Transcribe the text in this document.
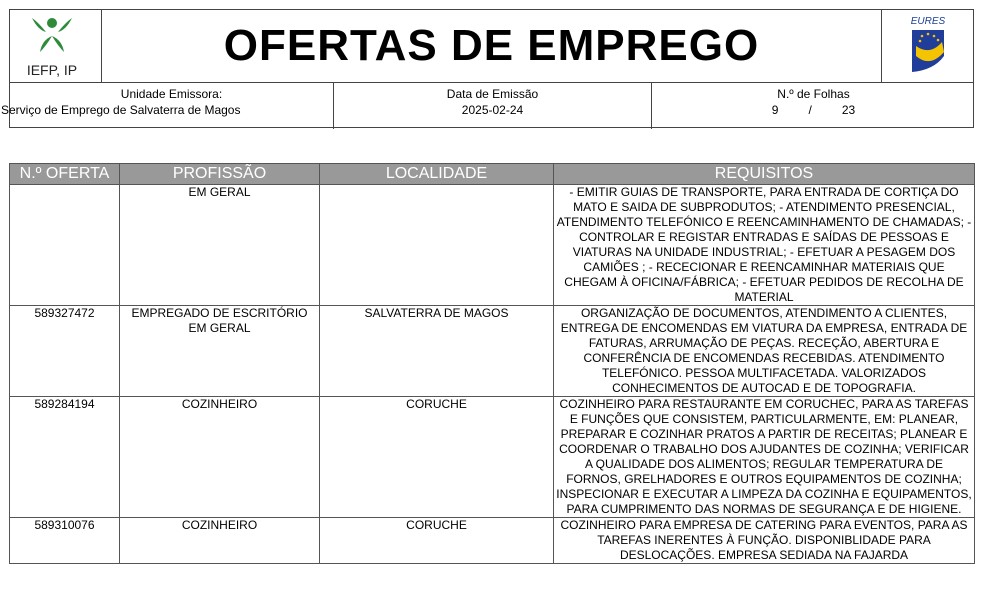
IEFP, IP	OFERTAS DE EMPREGO	EURES
Unidade Emissora:
Serviço de Emprego de Salvaterra de Magos
Data de Emissão
2025-02-24
N.º de Folhas
9	/	23
N.º OFERTA	PROFISSÃO	LOCALIDADE	REQUISITOS
	EM GERAL		- EMITIR GUIAS DE TRANSPORTE, PARA ENTRADA DE CORTIÇA DO MATO E SAIDA DE SUBPRODUTOS; - ATENDIMENTO PRESENCIAL, ATENDIMENTO TELEFÓNICO E REENCAMINHAMENTO DE CHAMADAS; - CONTROLAR E REGISTAR ENTRADAS E SAÍDAS DE PESSOAS E VIATURAS NA UNIDADE INDUSTRIAL; - EFETUAR A PESAGEM DOS CAMIÕES ; - RECECIONAR E REENCAMINHAR MATERIAIS QUE CHEGAM À OFICINA/FÁBRICA; - EFETUAR PEDIDOS DE RECOLHA DE MATERIAL
589327472	EMPREGADO DE ESCRITÓRIO EM GERAL	SALVATERRA DE MAGOS	ORGANIZAÇÃO DE DOCUMENTOS, ATENDIMENTO A CLIENTES, ENTREGA DE ENCOMENDAS EM VIATURA DA EMPRESA, ENTRADA DE FATURAS, ARRUMAÇÃO DE PEÇAS. RECEÇÃO, ABERTURA E CONFERÊNCIA DE ENCOMENDAS RECEBIDAS. ATENDIMENTO TELEFÓNICO. PESSOA MULTIFACETADA. VALORIZADOS CONHECIMENTOS DE AUTOCAD E DE TOPOGRAFIA.
589284194	COZINHEIRO	CORUCHE	COZINHEIRO PARA RESTAURANTE EM CORUCHEC, PARA AS TAREFAS E FUNÇÕES QUE CONSISTEM, PARTICULARMENTE, EM: PLANEAR, PREPARAR E COZINHAR PRATOS A PARTIR DE RECEITAS; PLANEAR E COORDENAR O TRABALHO DOS AJUDANTES DE COZINHA; VERIFICAR A QUALIDADE DOS ALIMENTOS; REGULAR TEMPERATURA DE FORNOS, GRELHADORES E OUTROS EQUIPAMENTOS DE COZINHA; INSPECIONAR E EXECUTAR A LIMPEZA DA COZINHA E EQUIPAMENTOS, PARA CUMPRIMENTO DAS NORMAS DE SEGURANÇA E DE HIGIENE.
589310076	COZINHEIRO	CORUCHE	COZINHEIRO PARA EMPRESA DE CATERING PARA EVENTOS, PARA AS TAREFAS INERENTES À FUNÇÃO. DISPONIBLIDADE PARA DESLOCAÇÕES. EMPRESA SEDIADA NA FAJARDA
